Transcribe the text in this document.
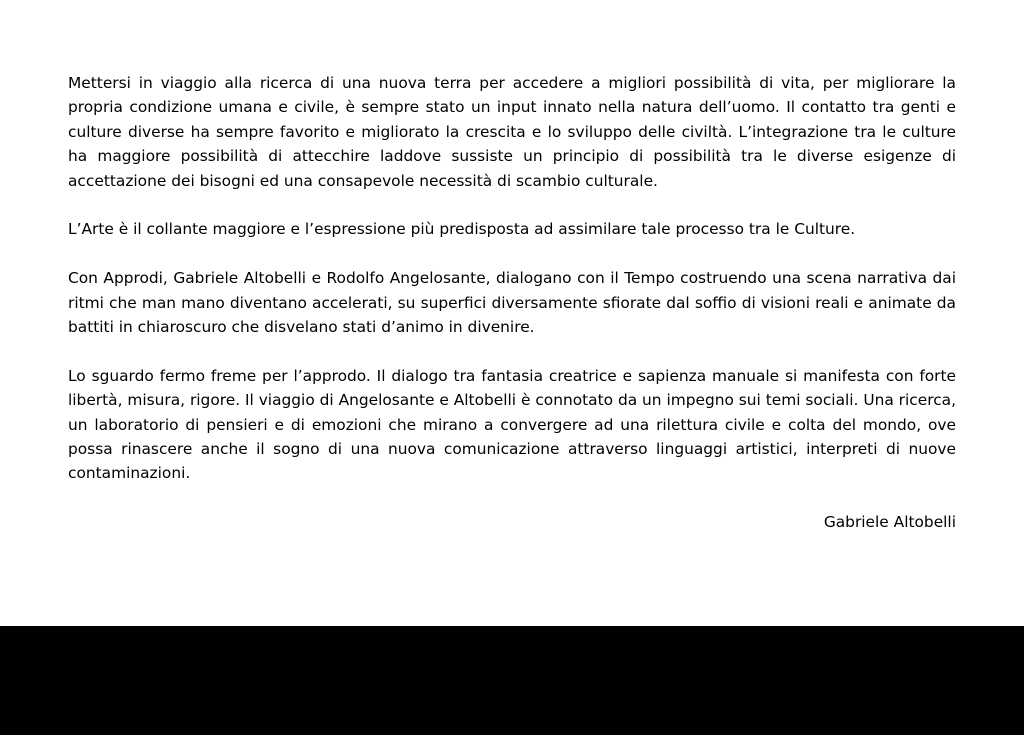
Mettersi in viaggio alla ricerca di una nuova terra per accedere a migliori possibilità di vita, per migliorare la propria condizione umana e civile, è sempre stato un input innato nella natura dell’uomo. Il contatto tra genti e culture diverse ha sempre favorito e migliorato la crescita e lo sviluppo delle civiltà. L’integrazione tra le culture ha maggiore possibilità di attecchire laddove sussiste un principio di possibilità tra le diverse esigenze di accettazione dei bisogni ed una consapevole necessità di scambio culturale.

L’Arte è il collante maggiore e l’espressione più predisposta ad assimilare tale processo tra le Culture.

Con Approdi, Gabriele Altobelli e Rodolfo Angelosante, dialogano con il Tempo costruendo una scena narrativa dai ritmi che man mano diventano accelerati, su superfici diversamente sfiorate dal soffio di visioni reali e animate da battiti in chiaroscuro che disvelano stati d’animo in divenire.

Lo sguardo fermo freme per l’approdo. Il dialogo tra fantasia creatrice e sapienza manuale si manifesta con forte libertà, misura, rigore. Il viaggio di Angelosante e Altobelli è connotato da un impegno sui temi sociali. Una ricerca, un laboratorio di pensieri e di emozioni che mirano a convergere ad una rilettura civile e colta del mondo, ove possa rinascere anche il sogno di una nuova comunicazione attraverso linguaggi artistici, interpreti di nuove contaminazioni.

Gabriele Altobelli
